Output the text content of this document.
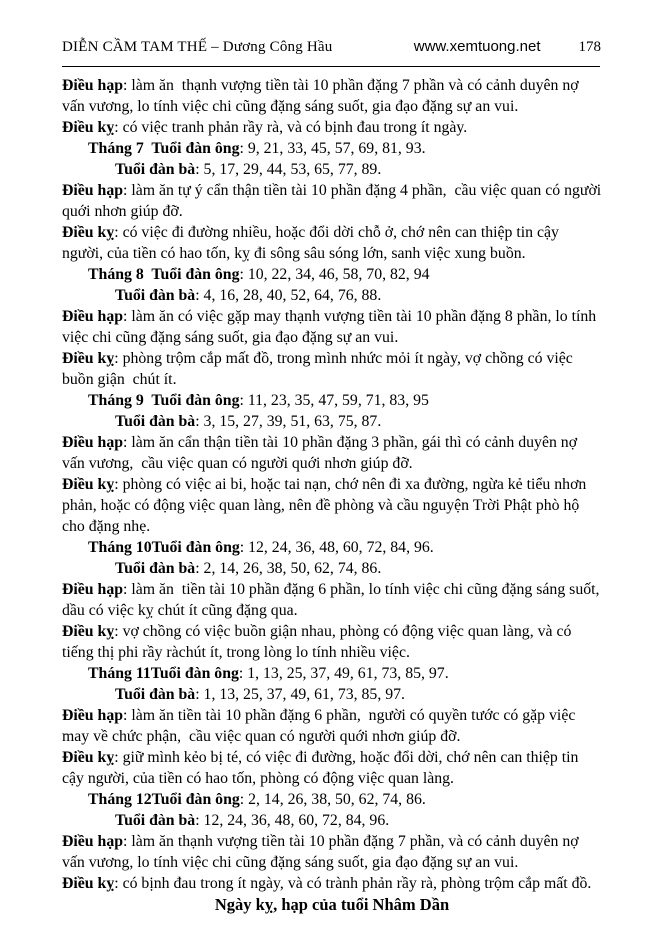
DIỄN CẦM TAM THẾ – Dương Công Hầu	www.xemtuong.net	178

Điều hạp: làm ăn  thạnh vượng tiền tài 10 phần đặng 7 phần và có cảnh duyên nợ vấn vương, lo tính việc chi cũng đặng sáng suốt, gia đạo đặng sự an vui.

Điều kỵ: có việc tranh phản rầy rà, và có bịnh đau trong ít ngày.

Tháng 7  Tuổi đàn ông: 9, 21, 33, 45, 57, 69, 81, 93.

Tuổi đàn bà: 5, 17, 29, 44, 53, 65, 77, 89.

Điều hạp: làm ăn tự ý cẩn thận tiền tài 10 phần đặng 4 phần,  cầu việc quan có người quới nhơn giúp đỡ.

Điều kỵ: có việc đi đường nhiều, hoặc đổi dời chỗ ở, chớ nên can thiệp tin cậy người, của tiền có hao tốn, kỵ đi sông sâu sóng lớn, sanh việc xung buồn.

Tháng 8  Tuổi đàn ông: 10, 22, 34, 46, 58, 70, 82, 94

Tuổi đàn bà: 4, 16, 28, 40, 52, 64, 76, 88.

Điều hạp: làm ăn có việc gặp may thạnh vượng tiền tài 10 phần đặng 8 phần, lo tính việc chi cũng đặng sáng suốt, gia đạo đặng sự an vui.

Điều kỵ: phòng trộm cắp mất đồ, trong mình nhức mỏi ít ngày, vợ chồng có việc buồn giận  chút ít.

Tháng 9  Tuổi đàn ông: 11, 23, 35, 47, 59, 71, 83, 95

Tuổi đàn bà: 3, 15, 27, 39, 51, 63, 75, 87.

Điều hạp: làm ăn cẩn thận tiền tài 10 phần đặng 3 phần, gái thì có cảnh duyên nợ vấn vương,  cầu việc quan có người quới nhơn giúp đỡ.

Điều kỵ: phòng có việc ai bi, hoặc tai nạn, chớ nên đi xa đường, ngừa kẻ tiểu nhơn phản, hoặc có động việc quan làng, nên đề phòng và cầu nguyện Trời Phật phò hộ cho đặng nhẹ.

Tháng 10Tuổi đàn ông: 12, 24, 36, 48, 60, 72, 84, 96.

Tuổi đàn bà: 2, 14, 26, 38, 50, 62, 74, 86.

Điều hạp: làm ăn  tiền tài 10 phần đặng 6 phần, lo tính việc chi cũng đặng sáng suốt, dầu có việc kỵ chút ít cũng đặng qua.

Điều kỵ: vợ chồng có việc buồn giận nhau, phòng có động việc quan làng, và có tiếng thị phi rầy ràchút ít, trong lòng lo tính nhiều việc.

Tháng 11Tuổi đàn ông: 1, 13, 25, 37, 49, 61, 73, 85, 97.

Tuổi đàn bà: 1, 13, 25, 37, 49, 61, 73, 85, 97.

Điều hạp: làm ăn tiền tài 10 phần đặng 6 phần,  người có quyền tước có gặp việc may về chức phận,  cầu việc quan có người quới nhơn giúp đỡ.

Điều kỵ: giữ mình kẻo bị té, có việc đi đường, hoặc đổi dời, chớ nên can thiệp tin cậy người, của tiền có hao tốn, phòng có động việc quan làng.

Tháng 12Tuổi đàn ông: 2, 14, 26, 38, 50, 62, 74, 86.

Tuổi đàn bà: 12, 24, 36, 48, 60, 72, 84, 96.

Điều hạp: làm ăn thạnh vượng tiền tài 10 phần đặng 7 phần, và có cảnh duyên nợ vấn vương, lo tính việc chi cũng đặng sáng suốt, gia đạo đặng sự an vui.

Điều kỵ: có bịnh đau trong ít ngày, và có trành phản rầy rà, phòng trộm cắp mất đồ.

Ngày kỵ, hạp của tuổi Nhâm Dần
